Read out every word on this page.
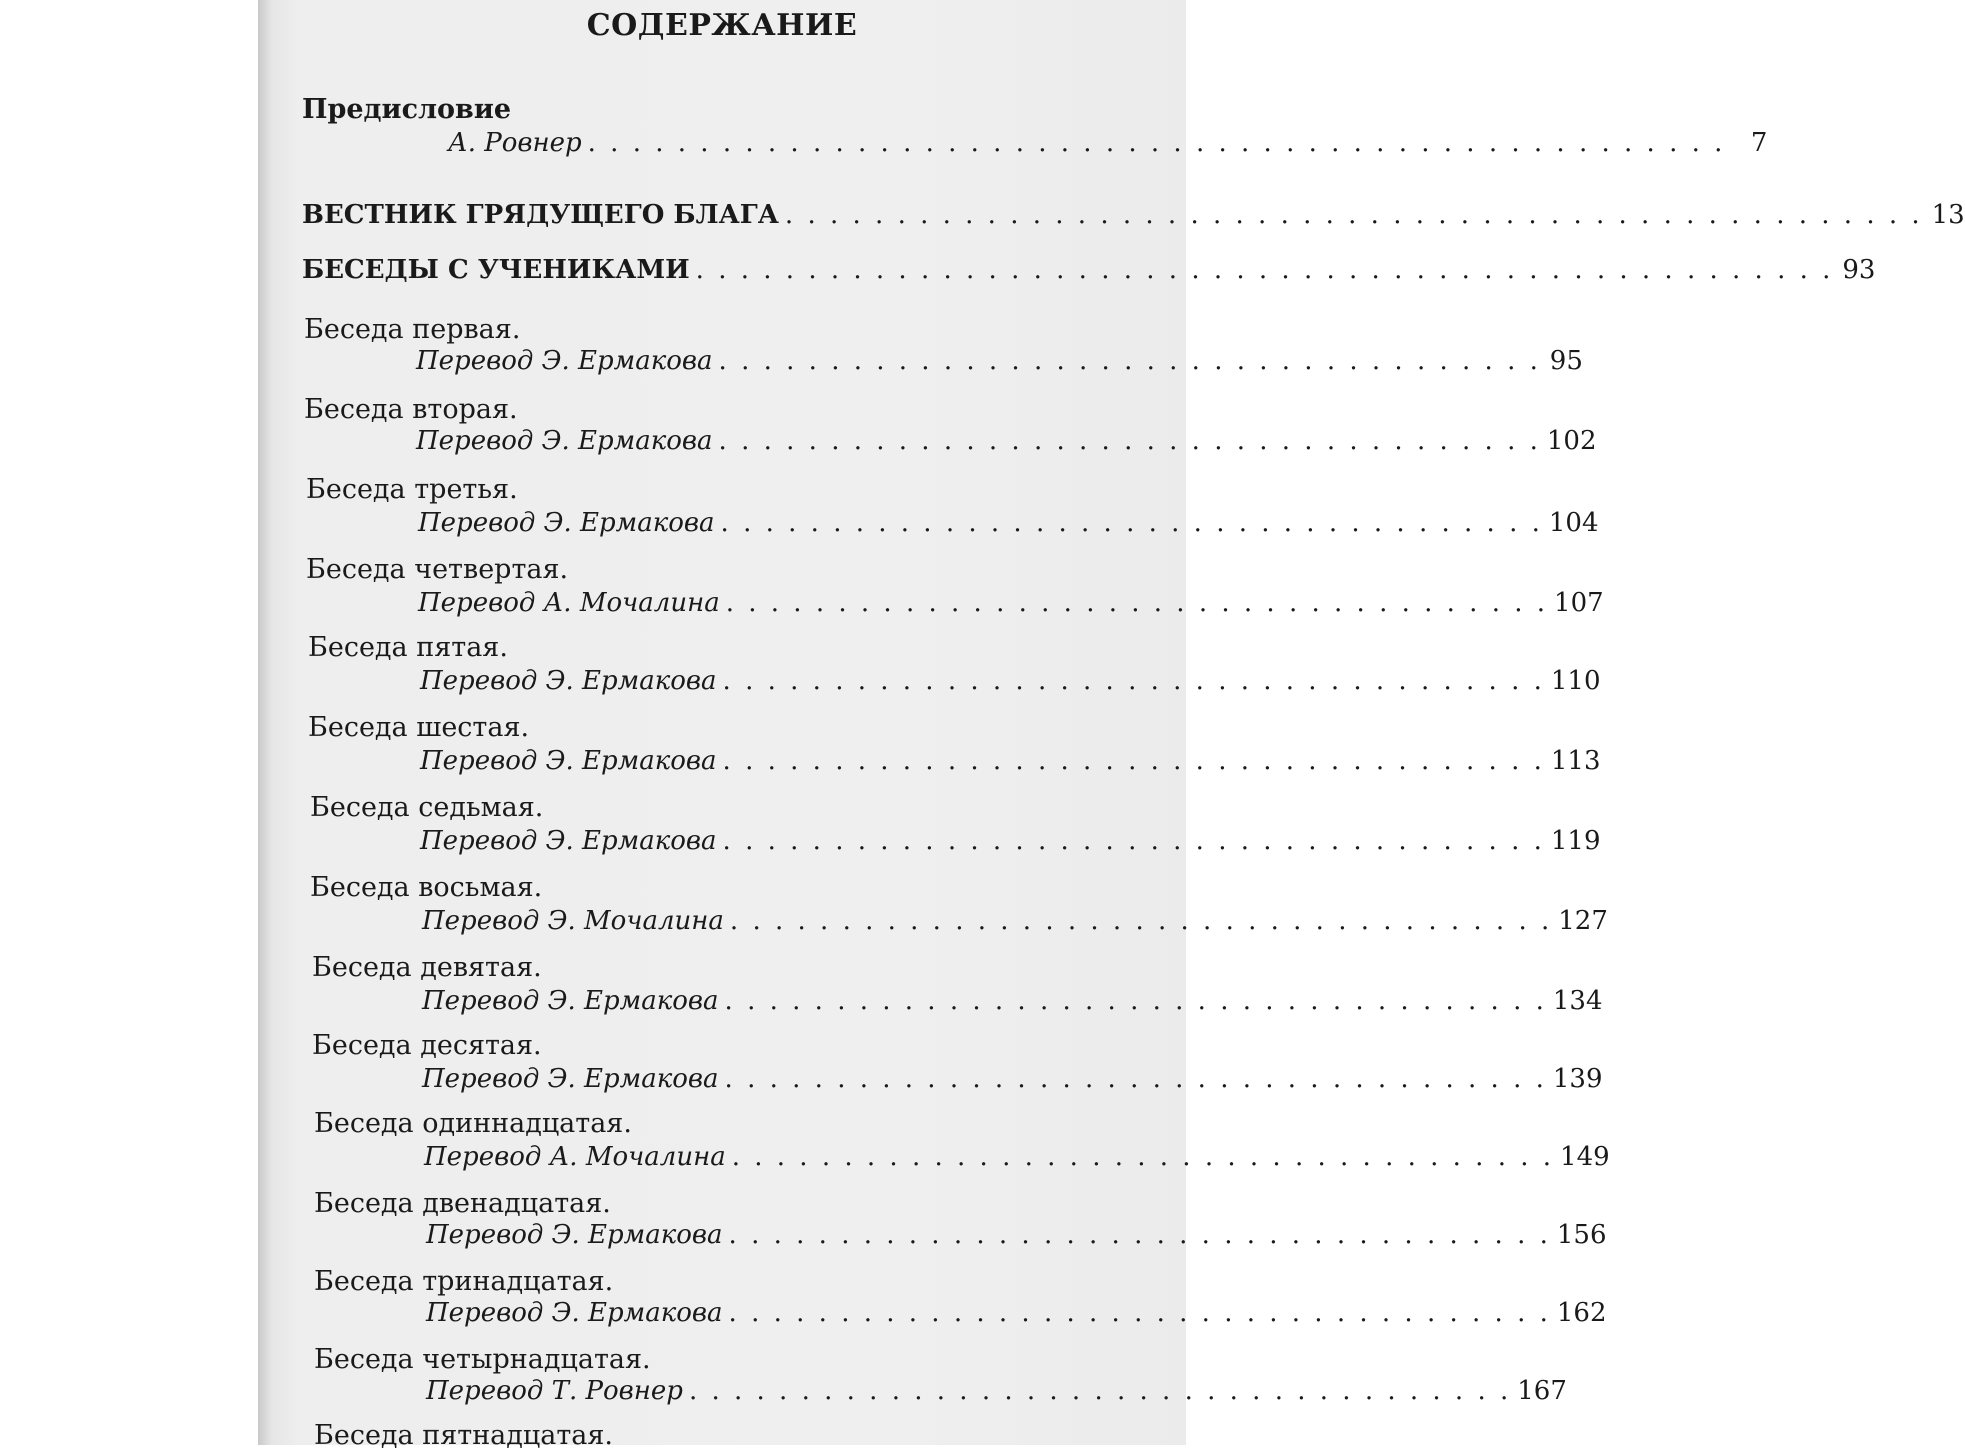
СОДЕРЖАНИЕ
Предисловие
А. Ровнер . . . . . . . . . . . . . . . . . . . . . . . . . . . . . . . . . . . . . . . . . . . . . . . . . . . 7
ВЕСТНИК ГРЯДУЩЕГО БЛАГА . . . . . . . . . . . . . . . . . . . . . . . . . . . . . . . . . . . . . . . . . . . . . . . . . . . 13
БЕСЕДЫ С УЧЕНИКАМИ . . . . . . . . . . . . . . . . . . . . . . . . . . . . . . . . . . . . . . . . . . . . . . . . . . . 93
Беседа первая.
Перевод Э. Ермакова . . . . . . . . . . . . . . . . . . . . . . . . . . . . . . . . . . . . . 95
Беседа вторая.
Перевод Э. Ермакова . . . . . . . . . . . . . . . . . . . . . . . . . . . . . . . . . . . . . 102
Беседа третья.
Перевод Э. Ермакова . . . . . . . . . . . . . . . . . . . . . . . . . . . . . . . . . . . . . 104
Беседа четвертая.
Перевод А. Мочалина . . . . . . . . . . . . . . . . . . . . . . . . . . . . . . . . . . . . . 107
Беседа пятая.
Перевод Э. Ермакова . . . . . . . . . . . . . . . . . . . . . . . . . . . . . . . . . . . . . 110
Беседа шестая.
Перевод Э. Ермакова . . . . . . . . . . . . . . . . . . . . . . . . . . . . . . . . . . . . . 113
Беседа седьмая.
Перевод Э. Ермакова . . . . . . . . . . . . . . . . . . . . . . . . . . . . . . . . . . . . . 119
Беседа восьмая.
Перевод Э. Мочалина . . . . . . . . . . . . . . . . . . . . . . . . . . . . . . . . . . . . . 127
Беседа девятая.
Перевод Э. Ермакова . . . . . . . . . . . . . . . . . . . . . . . . . . . . . . . . . . . . . 134
Беседа десятая.
Перевод Э. Ермакова . . . . . . . . . . . . . . . . . . . . . . . . . . . . . . . . . . . . . 139
Беседа одиннадцатая.
Перевод А. Мочалина . . . . . . . . . . . . . . . . . . . . . . . . . . . . . . . . . . . . . 149
Беседа двенадцатая.
Перевод Э. Ермакова . . . . . . . . . . . . . . . . . . . . . . . . . . . . . . . . . . . . . 156
Беседа тринадцатая.
Перевод Э. Ермакова . . . . . . . . . . . . . . . . . . . . . . . . . . . . . . . . . . . . . 162
Беседа четырнадцатая.
Перевод Т. Ровнер . . . . . . . . . . . . . . . . . . . . . . . . . . . . . . . . . . . . . 167
Беседа пятнадцатая.
